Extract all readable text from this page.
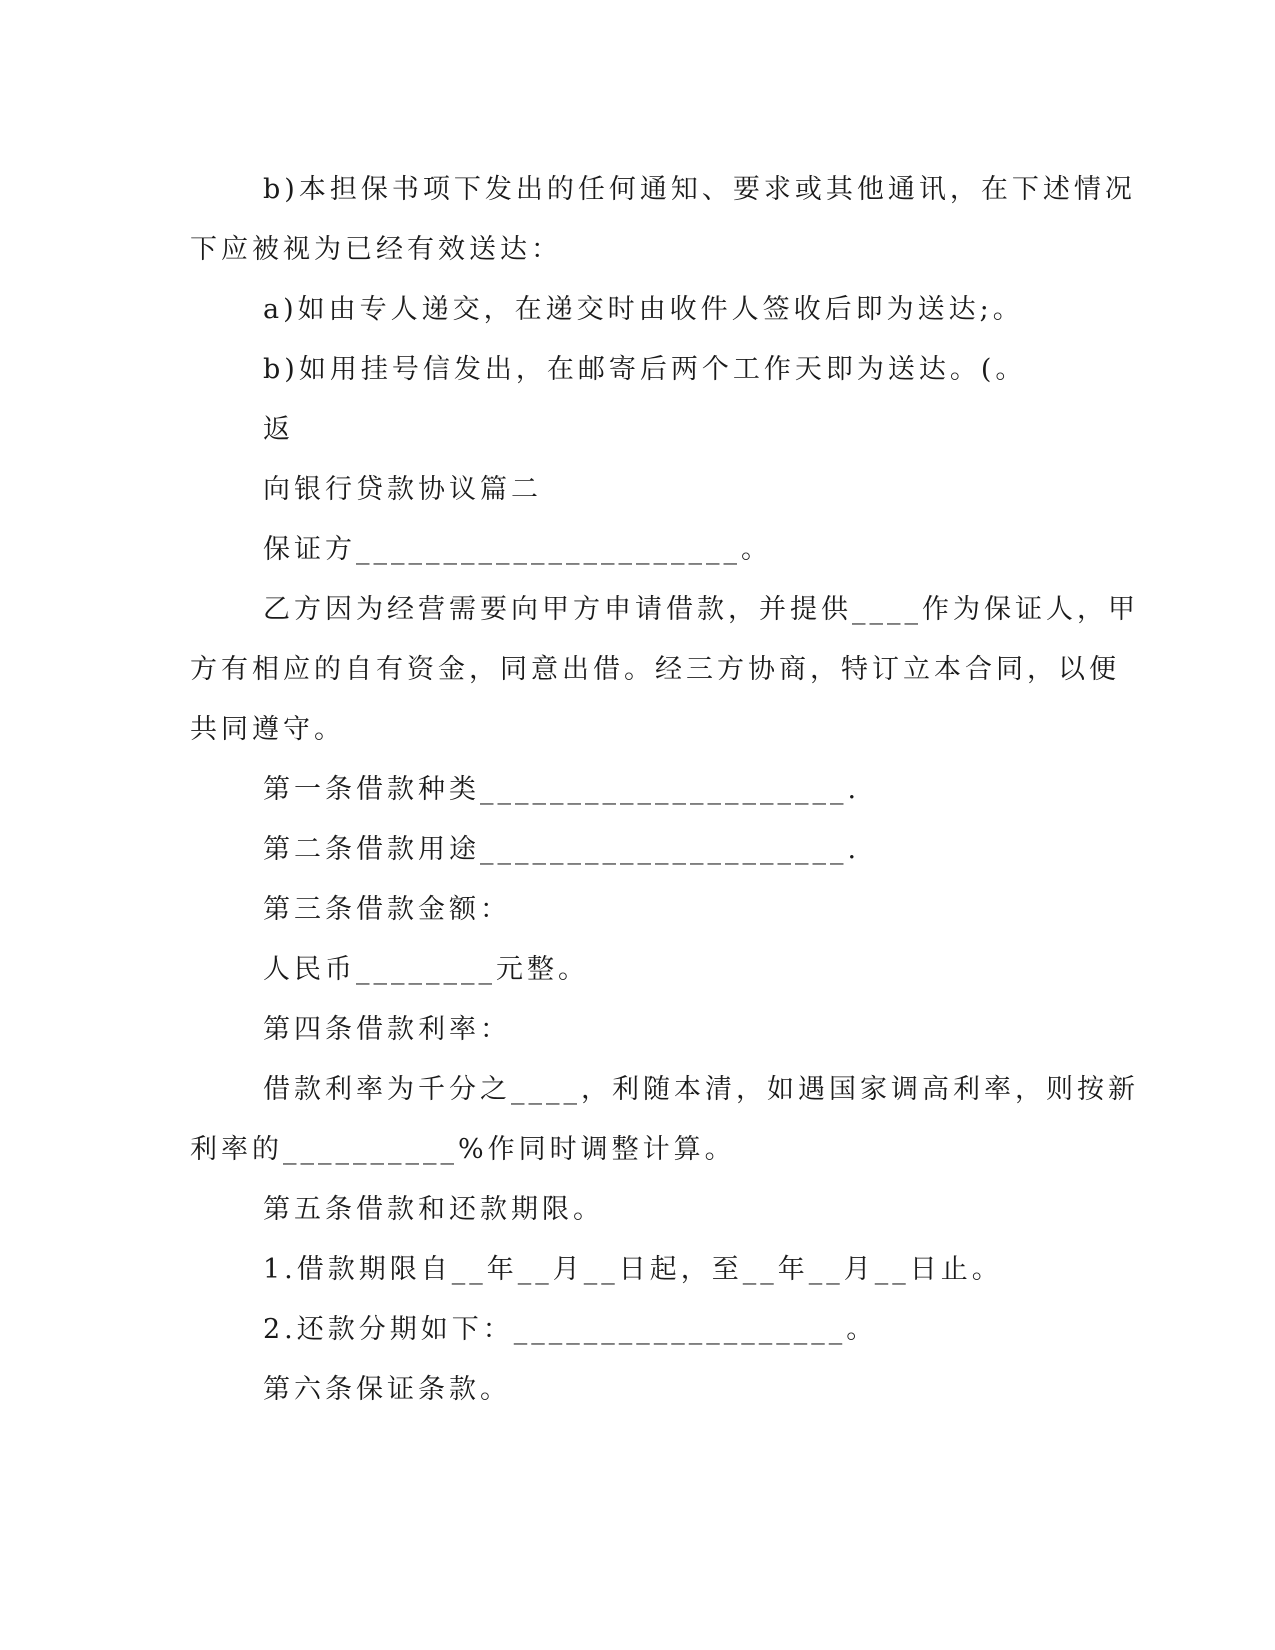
b)本担保书项下发出的任何通知、要求或其他通讯，在下述情况
下应被视为已经有效送达：
a)如由专人递交，在递交时由收件人签收后即为送达;。
b)如用挂号信发出，在邮寄后两个工作天即为送达。(。
返
向银行贷款协议篇二
保证方______________________。
乙方因为经营需要向甲方申请借款，并提供____作为保证人，甲
方有相应的自有资金，同意出借。经三方协商，特订立本合同，以便
共同遵守。
第一条借款种类_____________________.
第二条借款用途_____________________.
第三条借款金额：
人民币________元整。
第四条借款利率：
借款利率为千分之____，利随本清，如遇国家调高利率，则按新
利率的__________%作同时调整计算。
第五条借款和还款期限。
1.借款期限自__年__月__日起，至__年__月__日止。
2.还款分期如下：___________________。
第六条保证条款。
